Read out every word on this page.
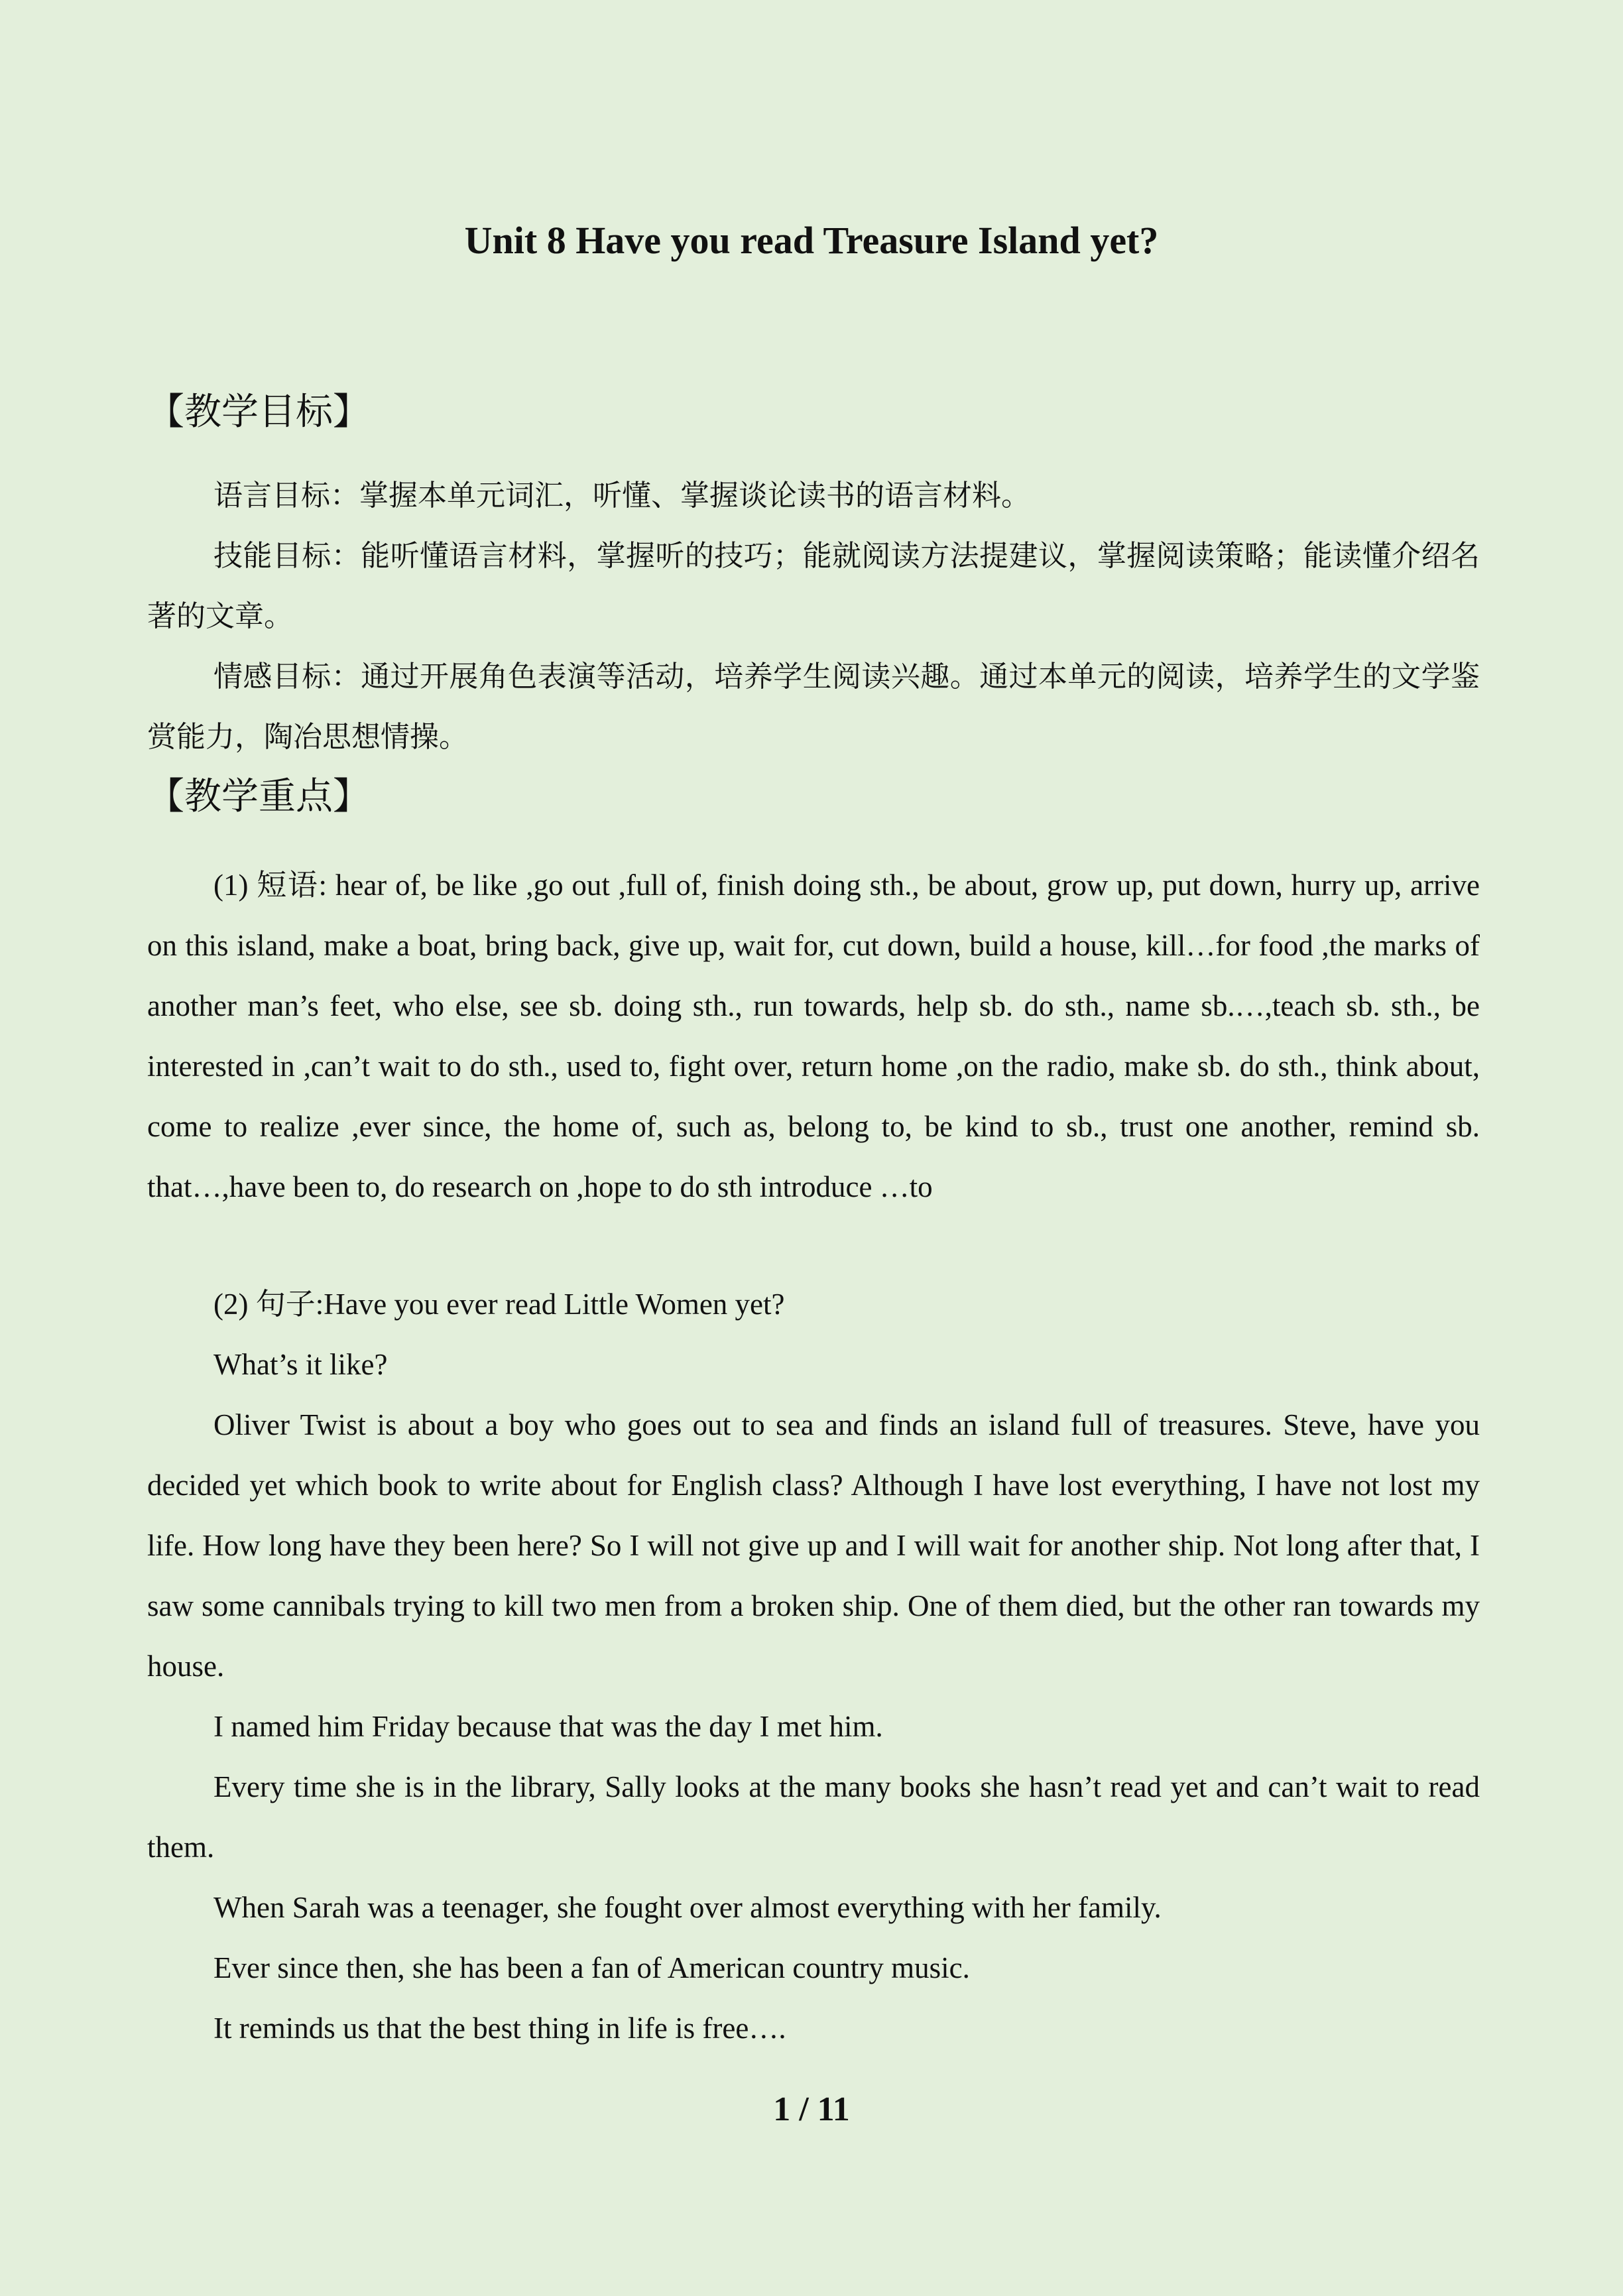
Unit 8 Have you read Treasure Island yet?
【教学目标】
语言目标：掌握本单元词汇，听懂、掌握谈论读书的语言材料。
技能目标：能听懂语言材料，掌握听的技巧；能就阅读方法提建议，掌握阅读策略；能读懂介绍名著的文章。
情感目标：通过开展角色表演等活动，培养学生阅读兴趣。通过本单元的阅读，培养学生的文学鉴赏能力，陶冶思想情操。
【教学重点】
(1) 短语: hear of, be like ,go out ,full of, finish doing sth., be about, grow up, put down, hurry up, arrive on this island, make a boat, bring back, give up, wait for, cut down, build a house, kill…for food ,the marks of another man’s feet, who else, see sb. doing sth., run towards, help sb. do sth., name sb.…,teach sb. sth., be interested in ,can’t wait to do sth., used to, fight over, return home ,on the radio, make sb. do sth., think about, come to realize ,ever since, the home of, such as, belong to, be kind to sb., trust one another, remind sb. that…,have been to, do research on ,hope to do sth introduce …to
(2) 句子:Have you ever read Little Women yet?
What’s it like?
Oliver Twist is about a boy who goes out to sea and finds an island full of treasures. Steve, have you decided yet which book to write about for English class? Although I have lost everything, I have not lost my life. How long have they been here? So I will not give up and I will wait for another ship. Not long after that, I saw some cannibals trying to kill two men from a broken ship. One of them died, but the other ran towards my house.
I named him Friday because that was the day I met him.
Every time she is in the library, Sally looks at the many books she hasn’t read yet and can’t wait to read them.
When Sarah was a teenager, she fought over almost everything with her family.
Ever since then, she has been a fan of American country music.
It reminds us that the best thing in life is free….
1 / 11
